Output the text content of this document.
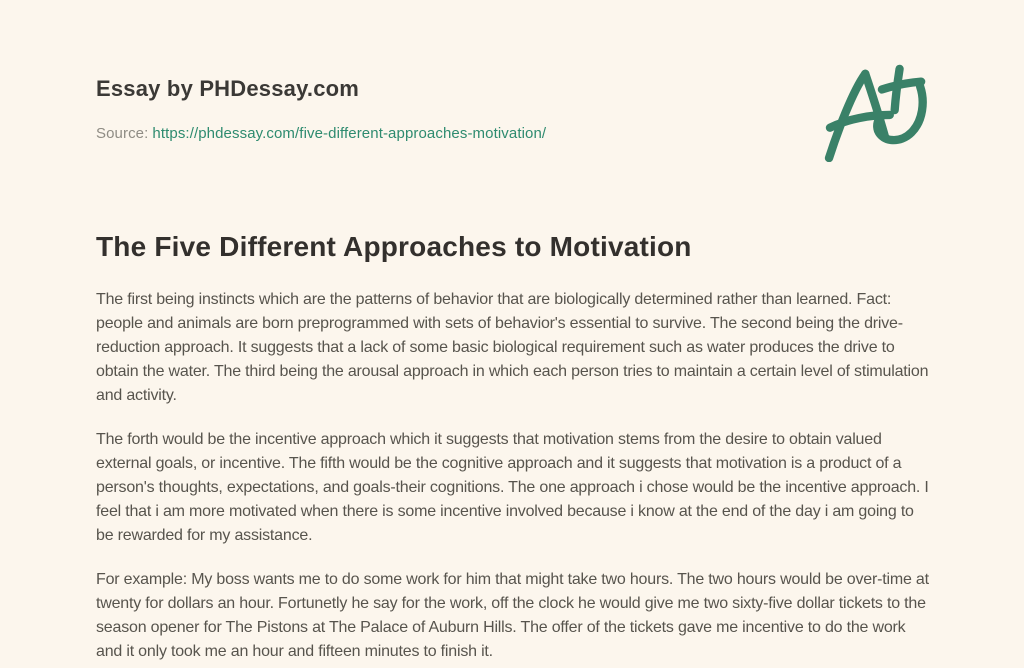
Essay by PHDessay.com
Source: https://phdessay.com/five-different-approaches-motivation/
The Five Different Approaches to Motivation

The first being instincts which are the patterns of behavior that are biologically determined rather than learned. Fact: people and animals are born preprogrammed with sets of behavior's essential to survive. The second being the drive-reduction approach. It suggests that a lack of some basic biological requirement such as water produces the drive to obtain the water. The third being the arousal approach in which each person tries to maintain a certain level of stimulation and activity.

The forth would be the incentive approach which it suggests that motivation stems from the desire to obtain valued external goals, or incentive. The fifth would be the cognitive approach and it suggests that motivation is a product of a person's thoughts, expectations, and goals-their cognitions. The one approach i chose would be the incentive approach. I feel that i am more motivated when there is some incentive involved because i know at the end of the day i am going to be rewarded for my assistance.

For example: My boss wants me to do some work for him that might take two hours. The two hours would be over-time at twenty for dollars an hour. Fortunetly he say for the work, off the clock he would give me two sixty-five dollar tickets to the season opener for The Pistons at The Palace of Auburn Hills. The offer of the tickets gave me incentive to do the work and it only took me an hour and fifteen minutes to finish it.
